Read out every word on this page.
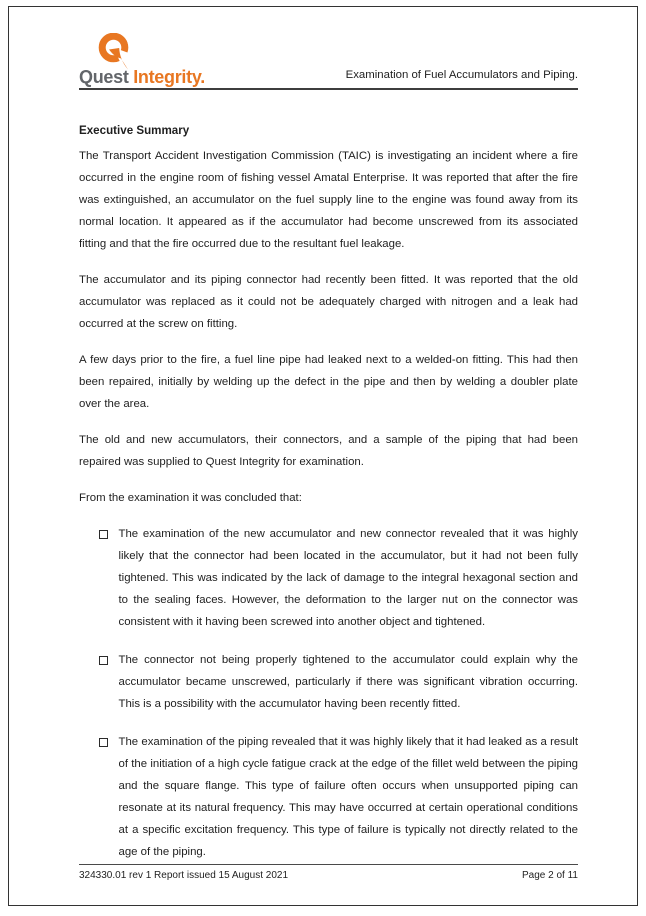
Quest Integrity.	Examination of Fuel Accumulators and Piping.
Executive Summary

The Transport Accident Investigation Commission (TAIC) is investigating an incident where a fire occurred in the engine room of fishing vessel Amatal Enterprise. It was reported that after the fire was extinguished, an accumulator on the fuel supply line to the engine was found away from its normal location. It appeared as if the accumulator had become unscrewed from its associated fitting and that the fire occurred due to the resultant fuel leakage.

The accumulator and its piping connector had recently been fitted. It was reported that the old accumulator was replaced as it could not be adequately charged with nitrogen and a leak had occurred at the screw on fitting.

A few days prior to the fire, a fuel line pipe had leaked next to a welded-on fitting. This had then been repaired, initially by welding up the defect in the pipe and then by welding a doubler plate over the area.

The old and new accumulators, their connectors, and a sample of the piping that had been repaired was supplied to Quest Integrity for examination.

From the examination it was concluded that:

The examination of the new accumulator and new connector revealed that it was highly likely that the connector had been located in the accumulator, but it had not been fully tightened. This was indicated by the lack of damage to the integral hexagonal section and to the sealing faces. However, the deformation to the larger nut on the connector was consistent with it having been screwed into another object and tightened.
The connector not being properly tightened to the accumulator could explain why the accumulator became unscrewed, particularly if there was significant vibration occurring. This is a possibility with the accumulator having been recently fitted.
The examination of the piping revealed that it was highly likely that it had leaked as a result of the initiation of a high cycle fatigue crack at the edge of the fillet weld between the piping and the square flange. This type of failure often occurs when unsupported piping can resonate at its natural frequency. This may have occurred at certain operational conditions at a specific excitation frequency. This type of failure is typically not directly related to the age of the piping.
324330.01 rev 1 Report issued 15 August 2021	Page 2 of 11
